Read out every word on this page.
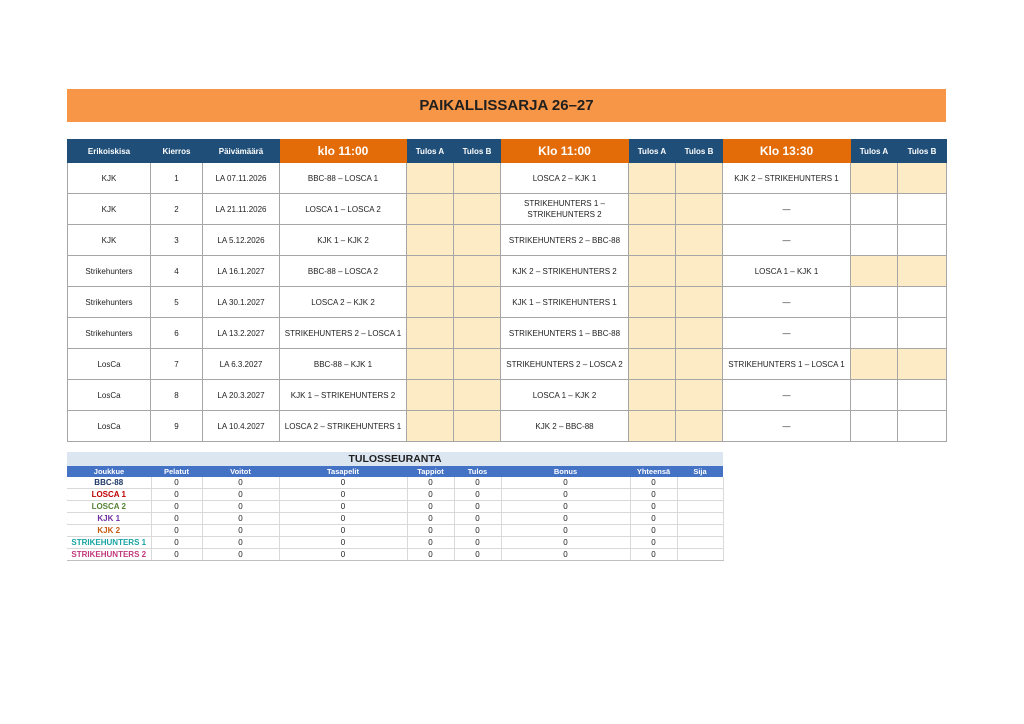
PAIKALLISSARJA 26–27
Erikoiskisa	Kierros	Päivämäärä	klo 11:00	Tulos A	Tulos B	Klo 11:00	Tulos A	Tulos B	Klo 13:30	Tulos A	Tulos B
KJK	1	LA 07.11.2026	BBC-88 – LOSCA 1			LOSCA 2 – KJK 1			KJK 2 – STRIKEHUNTERS 1		
KJK	2	LA 21.11.2026	LOSCA 1 – LOSCA 2			STRIKEHUNTERS 1 – STRIKEHUNTERS 2			—		
KJK	3	LA 5.12.2026	KJK 1 – KJK 2			STRIKEHUNTERS 2 – BBC-88			—		
Strikehunters	4	LA 16.1.2027	BBC-88 – LOSCA 2			KJK 2 – STRIKEHUNTERS 2			LOSCA 1 – KJK 1		
Strikehunters	5	LA 30.1.2027	LOSCA 2 – KJK 2			KJK 1 – STRIKEHUNTERS 1			—		
Strikehunters	6	LA 13.2.2027	STRIKEHUNTERS 2 – LOSCA 1			STRIKEHUNTERS 1 – BBC-88			—		
LosCa	7	LA 6.3.2027	BBC-88 – KJK 1			STRIKEHUNTERS 2 – LOSCA 2			STRIKEHUNTERS 1 – LOSCA 1		
LosCa	8	LA 20.3.2027	KJK 1 – STRIKEHUNTERS 2			LOSCA 1 – KJK 2			—		
LosCa	9	LA 10.4.2027	LOSCA 2 – STRIKEHUNTERS 1			KJK 2 – BBC-88			—		
TULOSSEURANTA								
Joukkue	Pelatut	Voitot	Tasapelit	Tappiot	Tulos	Bonus	Yhteensä	Sija
BBC-88	0	0	0	0	0	0	0	
LOSCA 1	0	0	0	0	0	0	0	
LOSCA 2	0	0	0	0	0	0	0	
KJK 1	0	0	0	0	0	0	0	
KJK 2	0	0	0	0	0	0	0	
STRIKEHUNTERS 1	0	0	0	0	0	0	0	
STRIKEHUNTERS 2	0	0	0	0	0	0	0	
